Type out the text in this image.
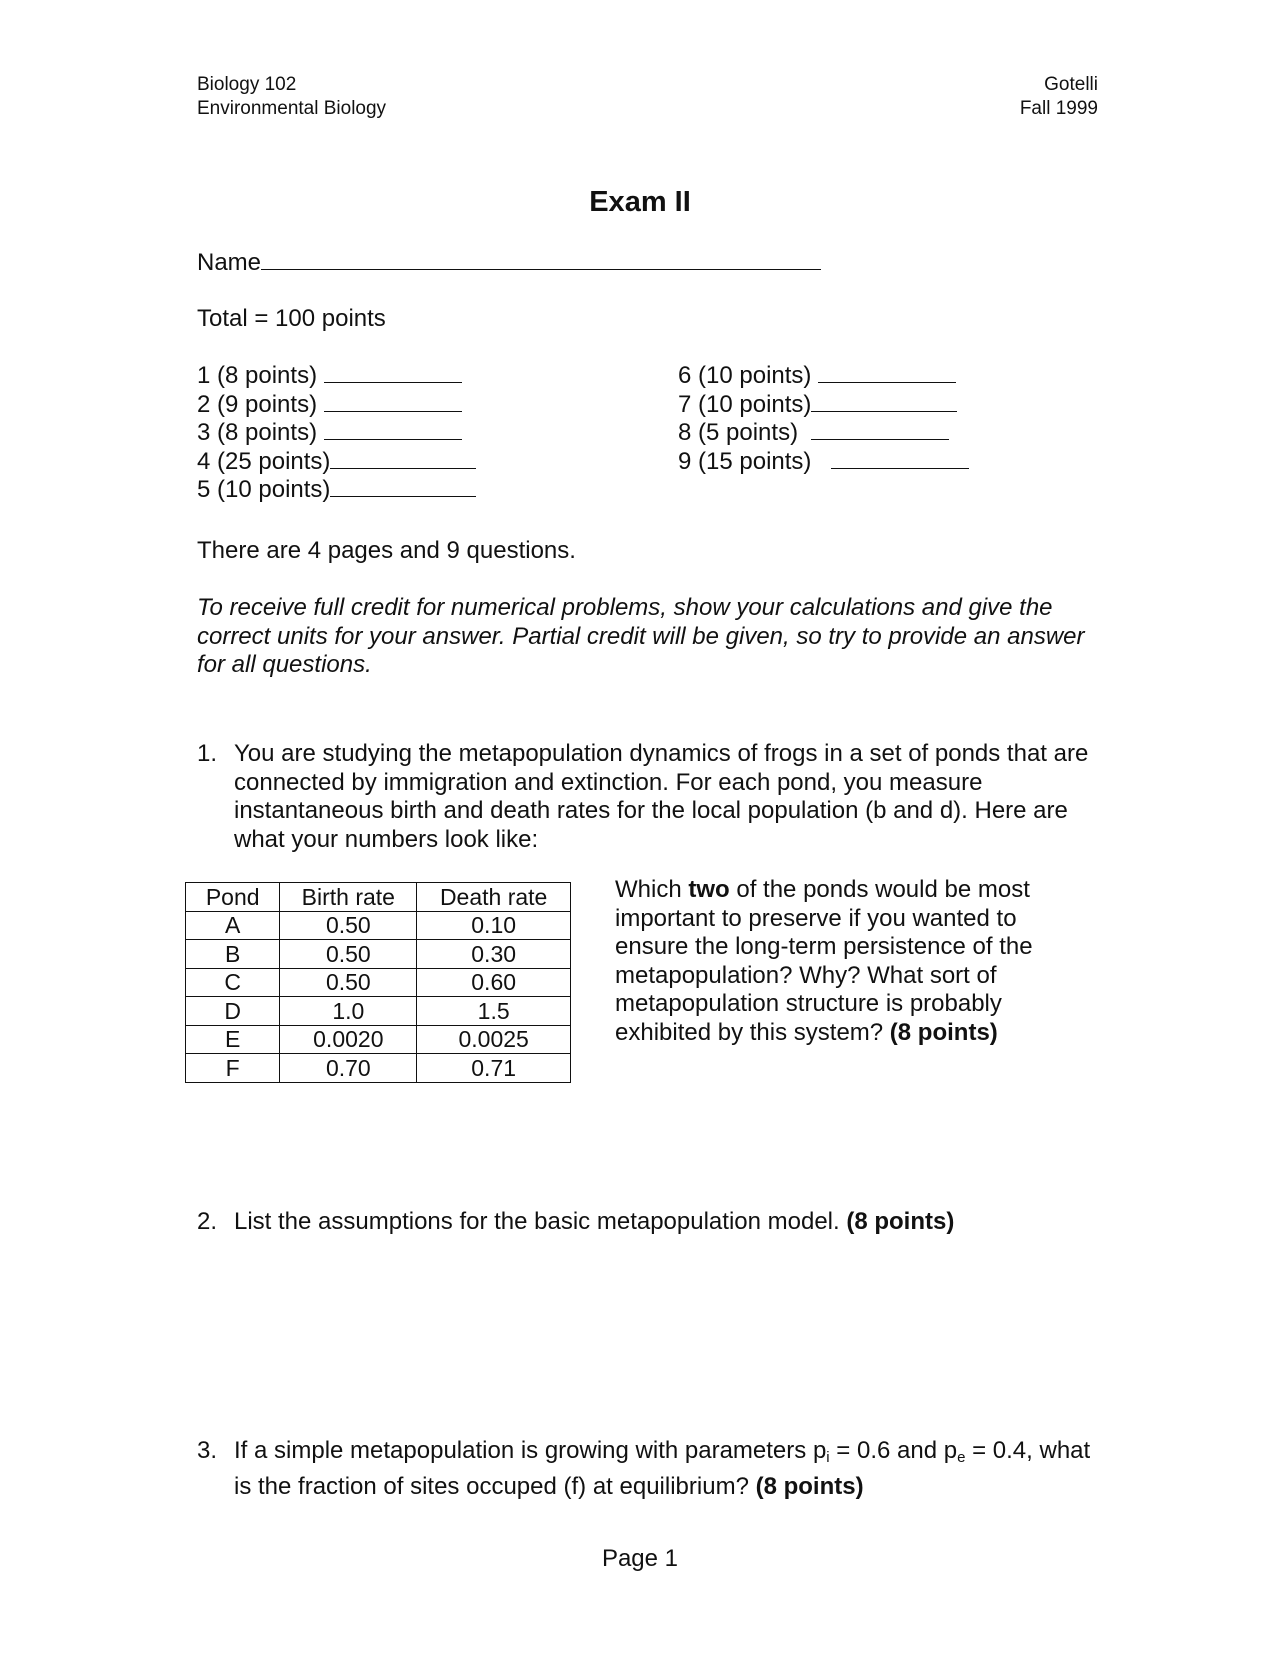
Biology 102
Environmental Biology
Gotelli
Fall 1999
Exam II
Name
Total = 100 points
1 (8 points)
2 (9 points)
3 (8 points)
4 (25 points)
5 (10 points)
6 (10 points)
7 (10 points)
8 (5 points)
9 (15 points)
There are 4 pages and 9 questions.
To receive full credit for numerical problems, show your calculations and give the correct units for your answer. Partial credit will be given, so try to provide an answer for all questions.
1. You are studying the metapopulation dynamics of frogs in a set of ponds that are connected by immigration and extinction. For each pond, you measure instantaneous birth and death rates for the local population (b and d). Here are what your numbers look like:
Pond	Birth rate	Death rate
A	0.50	0.10
B	0.50	0.30
C	0.50	0.60
D	1.0	1.5
E	0.0020	0.0025
F	0.70	0.71
Which two of the ponds would be most important to preserve if you wanted to ensure the long-term persistence of the metapopulation? Why? What sort of metapopulation structure is probably exhibited by this system? (8 points)
2. List the assumptions for the basic metapopulation model. (8 points)
3. If a simple metapopulation is growing with parameters $p_i = 0.6$ and $p_e = 0.4$, what is the fraction of sites occuped (f) at equilibrium? (8 points)
Page 1
